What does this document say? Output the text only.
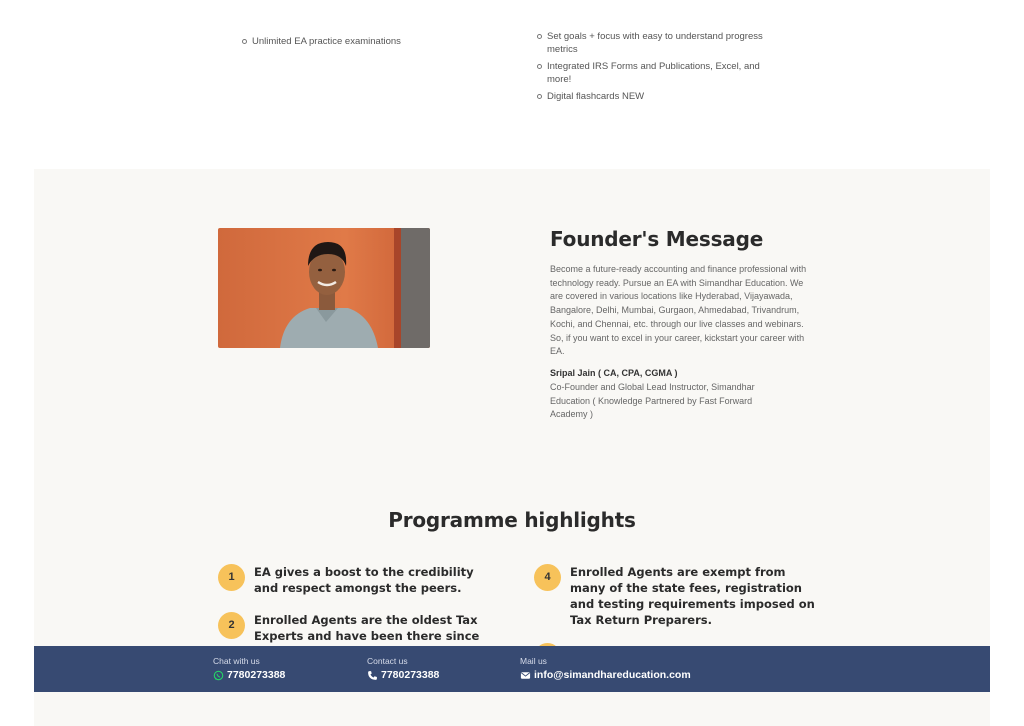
Unlimited EA practice examinations	Set goals + focus with easy to understand progress metrics
Integrated IRS Forms and Publications, Excel, and more!
Digital flashcards NEW
Founder's Message

Become a future-ready accounting and finance professional with technology ready. Pursue an EA with Simandhar Education. We are covered in various locations like Hyderabad, Vijayawada, Bangalore, Delhi, Mumbai, Gurgaon, Ahmedabad, Trivandrum, Kochi, and Chennai, etc. through our live classes and webinars. So, if you want to excel in your career, kickstart your career with EA.

Sripal Jain ( CA, CPA, CGMA )
Co-Founder and Global Lead Instructor, Simandhar Education ( Knowledge Partnered by Fast Forward Academy )
Programme highlights
1	EA gives a boost to the credibility and respect amongst the peers.
2	Enrolled Agents are the oldest Tax Experts and have been there since
4	Enrolled Agents are exempt from many of the state fees, registration and testing requirements imposed on Tax Return Preparers.
Chat with us
7780273388
Contact us
7780273388
Mail us
info@simandhareducation.com
